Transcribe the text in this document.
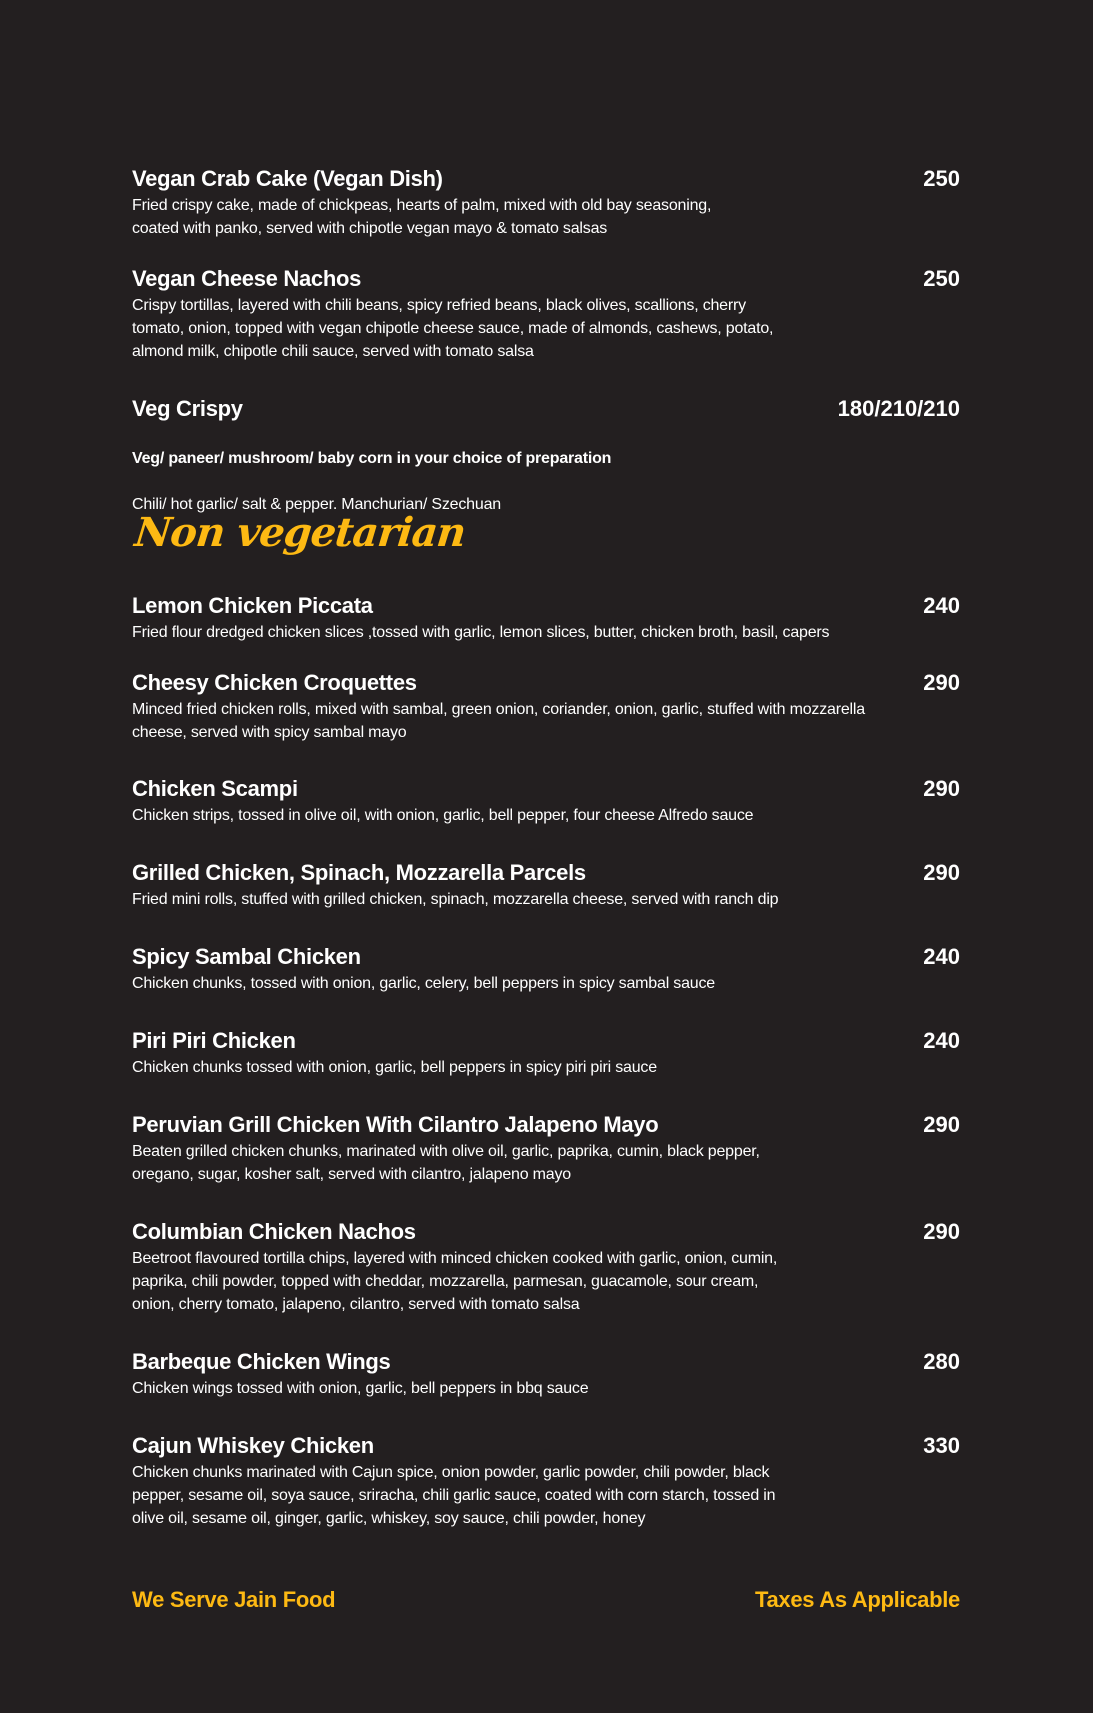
Vegan Crab Cake (Vegan Dish)	250
Fried crispy cake, made of chickpeas, hearts of palm, mixed with old bay seasoning,
coated with panko, served with chipotle vegan mayo & tomato salsas
Vegan Cheese Nachos	250
Crispy tortillas, layered with chili beans, spicy refried beans, black olives, scallions, cherry
tomato, onion, topped with vegan chipotle cheese sauce, made of almonds, cashews, potato,
almond milk, chipotle chili sauce, served with tomato salsa
Veg Crispy	180/210/210

Veg/ paneer/ mushroom/ baby corn in your choice of preparation

Chili/ hot garlic/ salt & pepper. Manchurian/ Szechuan

Non vegetarian
Lemon Chicken Piccata	240
Fried flour dredged chicken slices ,tossed with garlic, lemon slices, butter, chicken broth, basil, capers
Cheesy Chicken Croquettes	290
Minced fried chicken rolls, mixed with sambal, green onion, coriander, onion, garlic, stuffed with mozzarella
cheese, served with spicy sambal mayo
Chicken Scampi	290
Chicken strips, tossed in olive oil, with onion, garlic, bell pepper, four cheese Alfredo sauce
Grilled Chicken, Spinach, Mozzarella Parcels	290
Fried mini rolls, stuffed with grilled chicken, spinach, mozzarella cheese, served with ranch dip
Spicy Sambal Chicken	240
Chicken chunks, tossed with onion, garlic, celery, bell peppers in spicy sambal sauce
Piri Piri Chicken	240
Chicken chunks tossed with onion, garlic, bell peppers in spicy piri piri sauce
Peruvian Grill Chicken With Cilantro Jalapeno Mayo	290
Beaten grilled chicken chunks, marinated with olive oil, garlic, paprika, cumin, black pepper,
oregano, sugar, kosher salt, served with cilantro, jalapeno mayo
Columbian Chicken Nachos	290
Beetroot flavoured tortilla chips, layered with minced chicken cooked with garlic, onion, cumin,
paprika, chili powder, topped with cheddar, mozzarella, parmesan, guacamole, sour cream,
onion, cherry tomato, jalapeno, cilantro, served with tomato salsa
Barbeque Chicken Wings	280
Chicken wings tossed with onion, garlic, bell peppers in bbq sauce
Cajun Whiskey Chicken	330
Chicken chunks marinated with Cajun spice, onion powder, garlic powder, chili powder, black
pepper, sesame oil, soya sauce, sriracha, chili garlic sauce, coated with corn starch, tossed in
olive oil, sesame oil, ginger, garlic, whiskey, soy sauce, chili powder, honey
We Serve Jain Food	Taxes As Applicable
